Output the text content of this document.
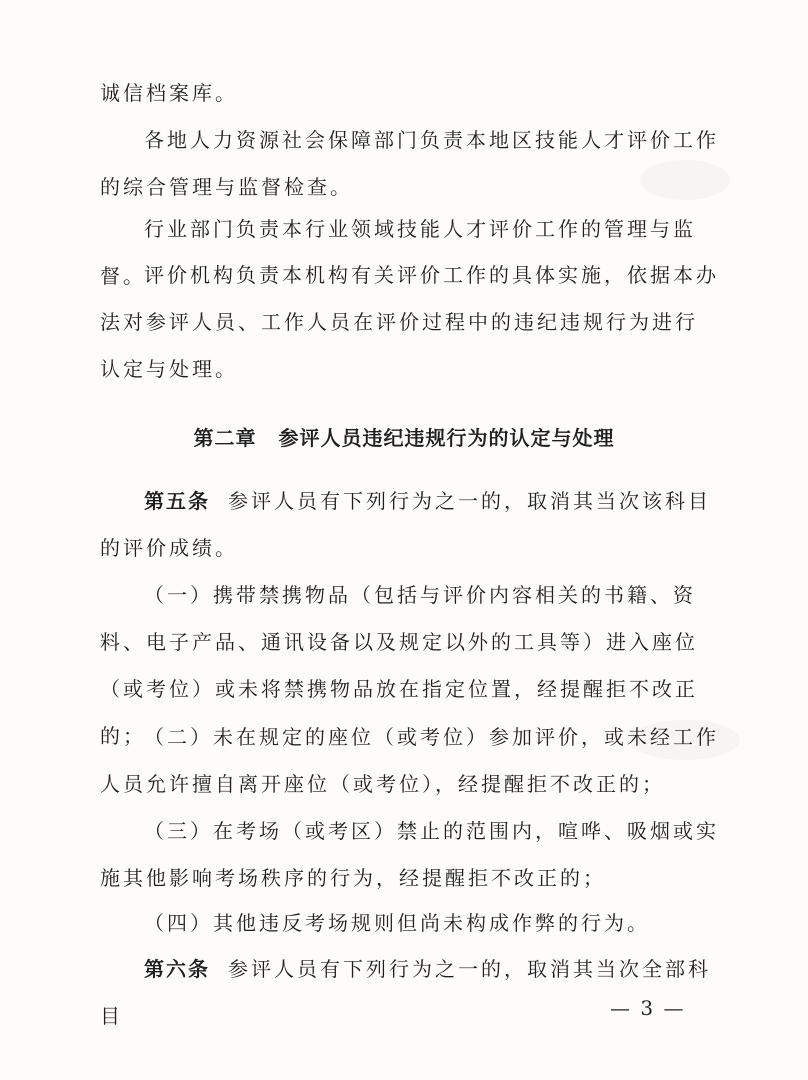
诚信档案库。

各地人力资源社会保障部门负责本地区技能人才评价工作的综合管理与监督检查。

行业部门负责本行业领域技能人才评价工作的管理与监督。

评价机构负责本机构有关评价工作的具体实施，依据本办法对参评人员、工作人员在评价过程中的违纪违规行为进行认定与处理。

第二章 参评人员违纪违规行为的认定与处理

第五条 参评人员有下列行为之一的，取消其当次该科目的评价成绩。

（一）携带禁携物品（包括与评价内容相关的书籍、资料、电子产品、通讯设备以及规定以外的工具等）进入座位（或考位）或未将禁携物品放在指定位置，经提醒拒不改正的；

（二）未在规定的座位（或考位）参加评价，或未经工作人员允许擅自离开座位（或考位），经提醒拒不改正的；

（三）在考场（或考区）禁止的范围内，喧哗、吸烟或实施其他影响考场秩序的行为，经提醒拒不改正的；

（四）其他违反考场规则但尚未构成作弊的行为。

第六条 参评人员有下列行为之一的，取消其当次全部科目	— 3 —
